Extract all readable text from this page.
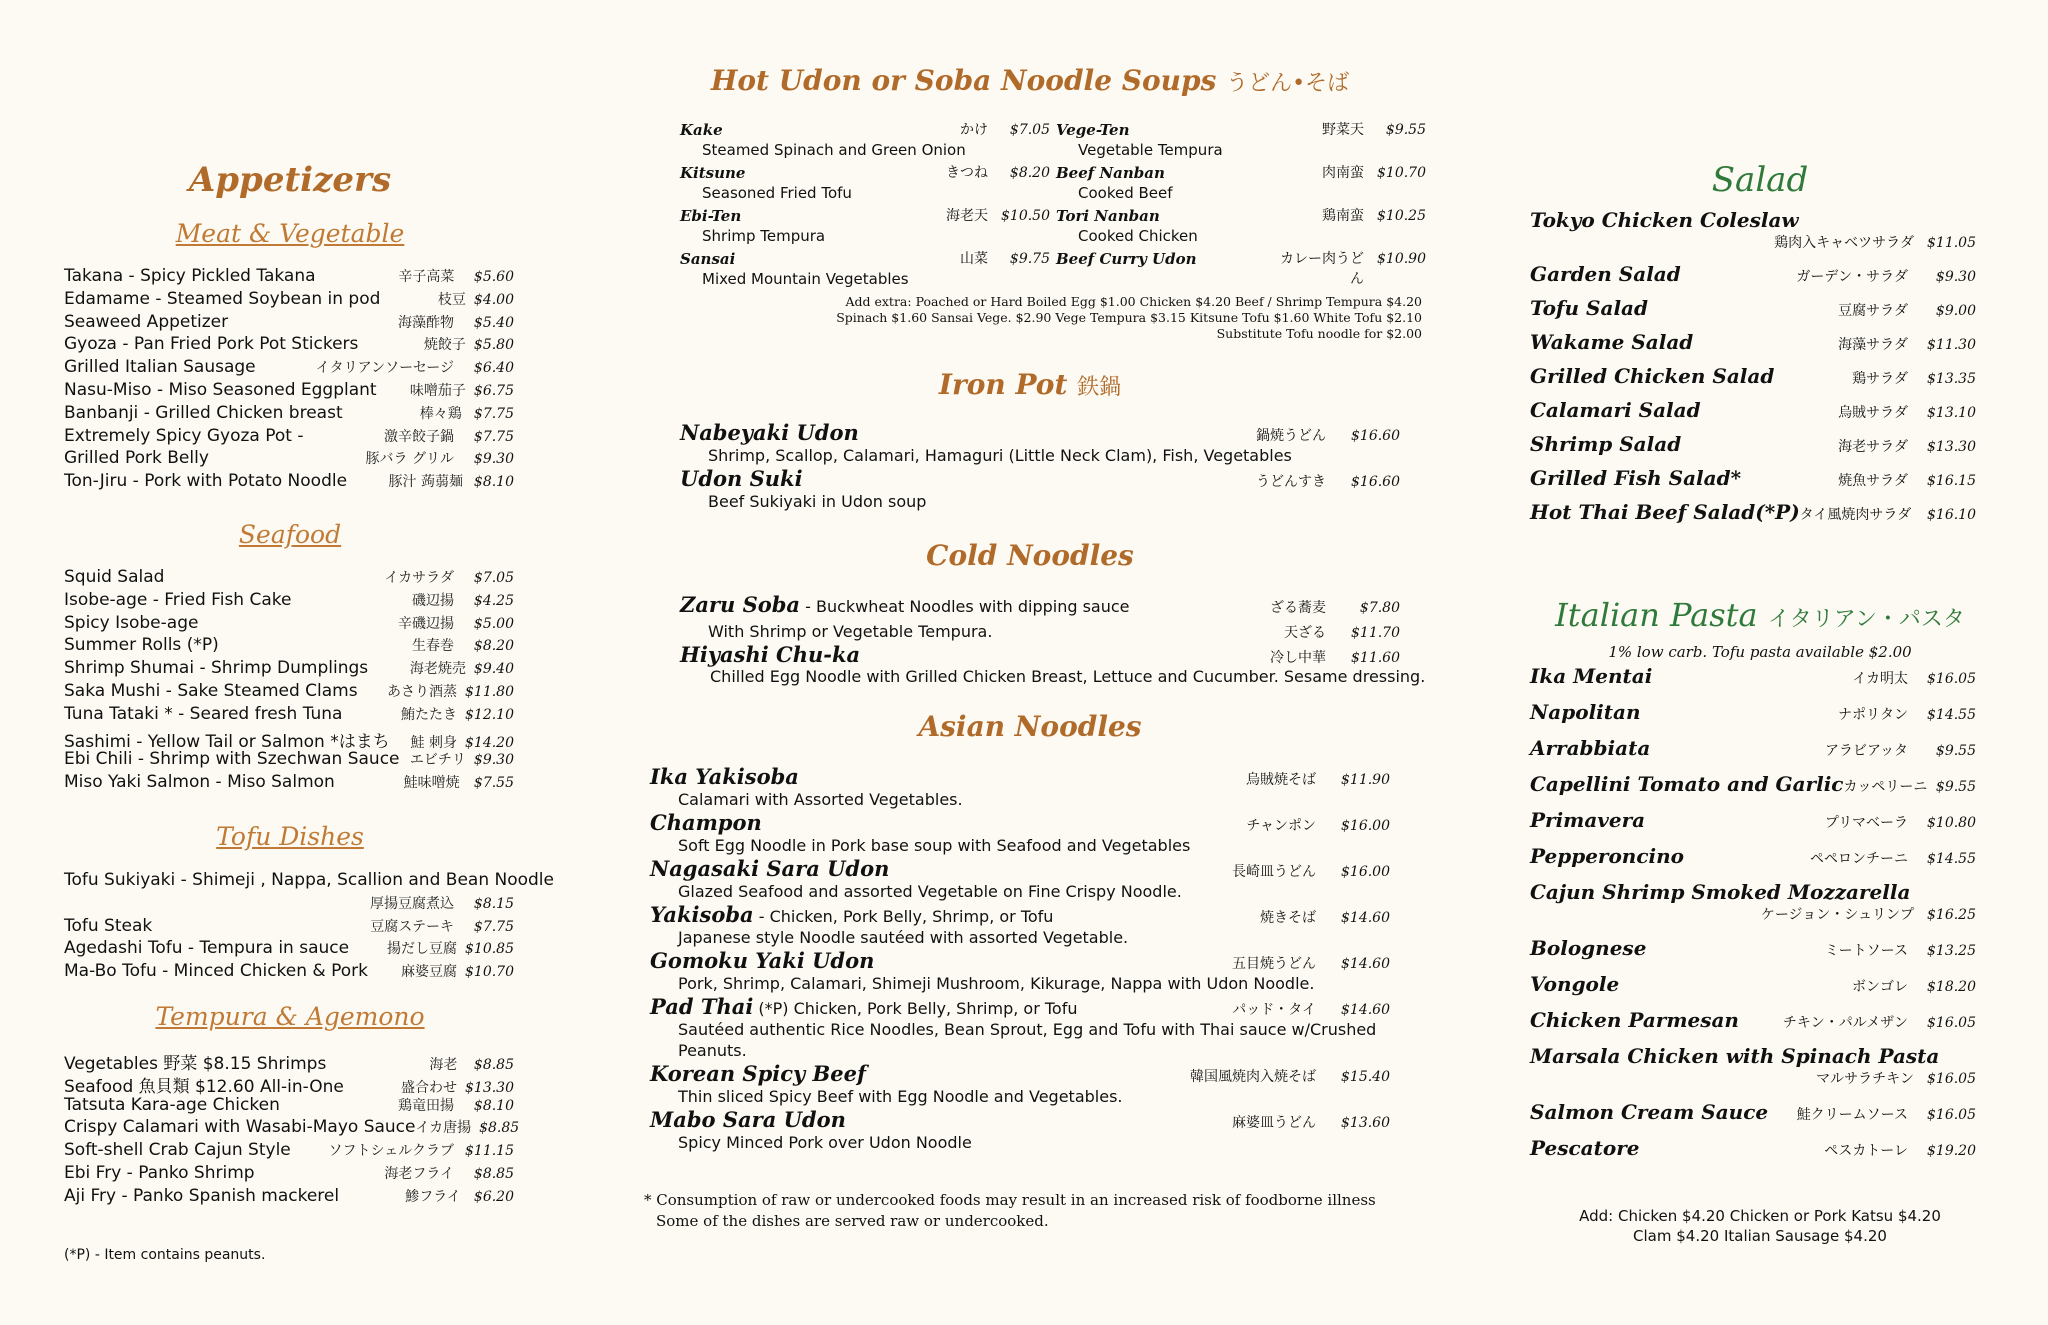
Appetizers
Meat & Vegetable
Takana - Spicy Pickled Takana	辛子高菜	$5.60
Edamame - Steamed Soybean in pod	枝豆 $4.00
Seaweed Appetizer	海藻酢物	$5.40
Gyoza - Pan Fried Pork Pot Stickers	焼餃子 $5.80
Grilled Italian Sausage	イタリアンソーセージ	$6.40
Nasu-Miso - Miso Seasoned Eggplant	味噌茄子 $6.75
Banbanji - Grilled Chicken breast	棒々鶏 $7.75
Extremely Spicy Gyoza Pot -	激辛餃子鍋	$7.75
Grilled Pork Belly	豚バラ グリル	$9.30
Ton-Jiru - Pork with Potato Noodle	豚汁 蒟蒻麺 $8.10
Seafood
Squid Salad	イカサラダ	$7.05
Isobe-age - Fried Fish Cake	磯辺揚	$4.25
Spicy Isobe-age	辛磯辺揚	$5.00
Summer Rolls (*P)	生春巻	$8.20
Shrimp Shumai - Shrimp Dumplings	海老焼売 $9.40
Saka Mushi - Sake Steamed Clams	あさり酒蒸 $11.80
Tuna Tataki * - Seared fresh Tuna	鮪たたき $12.10
Sashimi - Yellow Tail or Salmon *はまち	鮭 刺身 $14.20
Ebi Chili - Shrimp with Szechwan Sauce エビチリ $9.30
Miso Yaki Salmon - Miso Salmon	鮭味噌焼	$7.55
Tofu Dishes
Tofu Sukiyaki - Shimeji , Nappa, Scallion and Bean Noodle
厚揚豆腐煮込	$8.15
Tofu Steak	豆腐ステーキ	$7.75
Agedashi Tofu - Tempura in sauce	揚だし豆腐 $10.85
Ma-Bo Tofu - Minced Chicken & Pork	麻婆豆腐 $10.70
Tempura & Agemono
Vegetables 野菜 $8.15 Shrimps	海老	$8.85
Seafood 魚貝類 $12.60 All-in-One	盛合わせ $13.30
Tatsuta Kara-age Chicken	鶏竜田揚	$8.10
Crispy Calamari with Wasabi-Mayo Sauce イカ唐揚 $8.85
Soft-shell Crab Cajun Style	ソフトシェルクラブ $11.15
Ebi Fry - Panko Shrimp	海老フライ	$8.85
Aji Fry - Panko Spanish mackerel	鯵フライ $6.20
(*P) - Item contains peanuts.
Hot Udon or Soba Noodle Soups うどん•そば
Kake	かけ	$7.05
Steamed Spinach and Green Onion
Vege-Ten	野菜天	$9.55
Vegetable Tempura
Kitsune	きつね	$8.20
Seasoned Fried Tofu
Beef Nanban	肉南蛮 $10.70
Cooked Beef
Ebi-Ten	海老天 $10.50
Shrimp Tempura
Tori Nanban	鶏南蛮 $10.25
Cooked Chicken
Sansai	山菜	$9.75
Mixed Mountain Vegetables
Beef Curry Udon	カレー肉うどん
$10.90
Add extra: Poached or Hard Boiled Egg $1.00 Chicken $4.20 Beef / Shrimp Tempura $4.20
Spinach $1.60 Sansai Vege. $2.90 Vege Tempura $3.15 Kitsune Tofu $1.60 White Tofu $2.10
Substitute Tofu noodle for $2.00
Iron Pot 鉄鍋
Nabeyaki Udon	鍋焼うどん	$16.60
Shrimp, Scallop, Calamari, Hamaguri (Little Neck Clam), Fish, Vegetables
Udon Suki	うどんすき	$16.60
Beef Sukiyaki in Udon soup
Cold Noodles
Zaru Soba - Buckwheat Noodles with dipping sauce	ざる蕎麦	$7.80
With Shrimp or Vegetable Tempura.	天ざる	$11.70
Hiyashi Chu-ka	冷し中華	$11.60
Chilled Egg Noodle with Grilled Chicken Breast, Lettuce and Cucumber. Sesame dressing.
Asian Noodles
Ika Yakisoba	烏賊焼そば	$11.90
Calamari with Assorted Vegetables.
Champon	チャンポン	$16.00
Soft Egg Noodle in Pork base soup with Seafood and Vegetables
Nagasaki Sara Udon	長崎皿うどん	$16.00
Glazed Seafood and assorted Vegetable on Fine Crispy Noodle.
Yakisoba - Chicken, Pork Belly, Shrimp, or Tofu	焼きそば	$14.60
Japanese style Noodle sautéed with assorted Vegetable.
Gomoku Yaki Udon	五目焼うどん	$14.60
Pork, Shrimp, Calamari, Shimeji Mushroom, Kikurage, Nappa with Udon Noodle.
Pad Thai (*P) Chicken, Pork Belly, Shrimp, or Tofu	パッド・タイ	$14.60
Sautéed authentic Rice Noodles, Bean Sprout, Egg and Tofu with Thai sauce w/Crushed Peanuts.
Korean Spicy Beef	韓国風焼肉入焼そば	$15.40
Thin sliced Spicy Beef with Egg Noodle and Vegetables.
Mabo Sara Udon	麻婆皿うどん	$13.60
Spicy Minced Pork over Udon Noodle
* Consumption of raw or undercooked foods may result in an increased risk of foodborne illness
Some of the dishes are served raw or undercooked.
Salad
Tokyo Chicken Coleslaw
鶏肉入キャベツサラダ $11.05
Garden Salad	ガーデン・サラダ	$9.30
Tofu Salad	豆腐サラダ	$9.00
Wakame Salad	海藻サラダ	$11.30
Grilled Chicken Salad	鶏サラダ	$13.35
Calamari Salad	烏賊サラダ	$13.10
Shrimp Salad	海老サラダ	$13.30
Grilled Fish Salad*	焼魚サラダ	$16.15
Hot Thai Beef Salad(*P) タイ風焼肉サラダ	$16.10
Italian Pasta イタリアン・パスタ
1% low carb. Tofu pasta available $2.00
Ika Mentai	イカ明太	$16.05
Napolitan	ナポリタン	$14.55
Arrabbiata	アラビアッタ	$9.55
Capellini Tomato and Garlic カッペリーニ $9.55
Primavera	プリマベーラ	$10.80
Pepperoncino	ペペロンチーニ	$14.55
Cajun Shrimp Smoked Mozzarella
ケージョン・シュリンプ $16.25
Bolognese	ミートソース	$13.25
Vongole	ボンゴレ	$18.20
Chicken Parmesan	チキン・パルメザン	$16.05
Marsala Chicken with Spinach Pasta
マルサラチキン $16.05
Salmon Cream Sauce	鮭クリームソース	$16.05
Pescatore	ペスカトーレ	$19.20
Add: Chicken $4.20 Chicken or Pork Katsu $4.20
Clam $4.20 Italian Sausage $4.20
